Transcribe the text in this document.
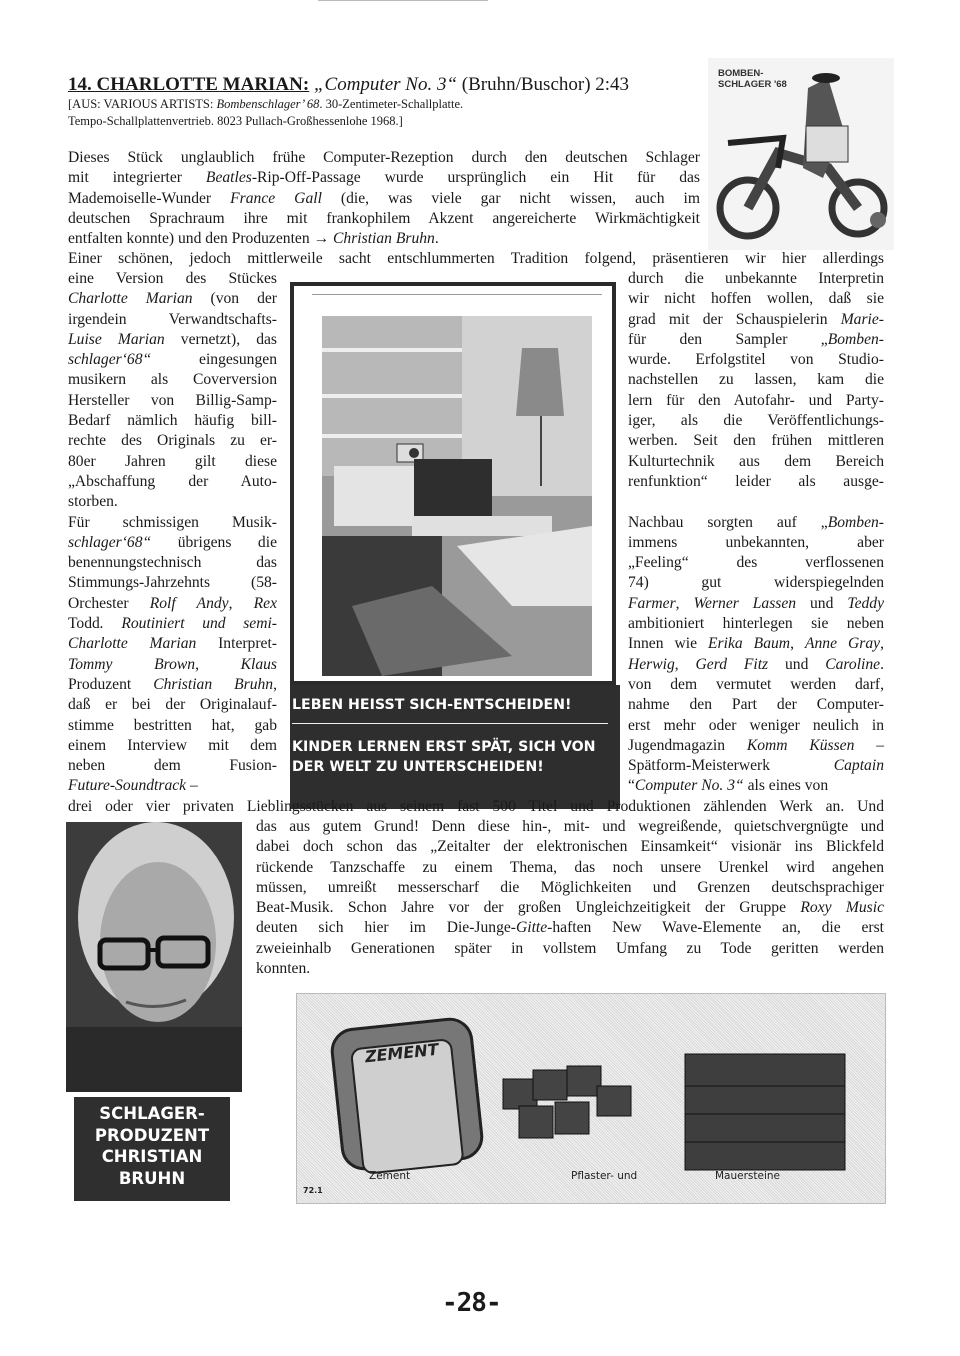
14. CHARLOTTE MARIAN: „Computer No. 3“ (Bruhn/Buschor) 2:43
[AUS: VARIOUS ARTISTS: Bombenschlager’ 68. 30-Zentimeter-Schallplatte.
Tempo-Schallplattenvertrieb. 8023 Pullach-Großhessenlohe 1968.]
BOMBEN-
SCHLAGER '68
Dieses Stück unglaublich frühe Computer-Rezeption durch den deutschen Schlager
mit integrierter Beatles-Rip-Off-Passage wurde ursprünglich ein Hit für das
Mademoiselle-Wunder France Gall (die, was viele gar nicht wissen, auch im
deutschen Sprachraum ihre mit frankophilem Akzent angereicherte Wirkmächtigkeit
entfalten konnte) und den Produzenten → Christian Bruhn.
Einer schönen, jedoch mittlerweile sacht entschlummerten Tradition folgend, präsentieren wir hier allerdings
eine Version des Stückes
Charlotte Marian (von der
irgendein Verwandtschafts-
Luise Marian vernetzt), das
schlager‘68“ eingesungen
musikern als Coverversion
Hersteller von Billig-Samp-
Bedarf nämlich häufig bill-
rechte des Originals zu er-
80er Jahren gilt diese
„Abschaffung der Auto-
storben.
Für schmissigen Musik-
schlager‘68“ übrigens die
benennungstechnisch das
Stimmungs-Jahrzehnts (58-
Orchester Rolf Andy, Rex
Todd. Routiniert und semi-
Charlotte Marian Interpret-
Tommy Brown, Klaus
Produzent Christian Bruhn,
daß er bei der Originalauf-
stimme bestritten hat, gab
einem Interview mit dem
neben dem Fusion-
Future-Soundtrack –
durch die unbekannte Interpretin
wir nicht hoffen wollen, daß sie
grad mit der Schauspielerin Marie-
für den Sampler „Bomben-
wurde. Erfolgstitel von Studio-
nachstellen zu lassen, kam die
lern für den Autofahr- und Party-
iger, als die Veröffentlichungs-
werben. Seit den frühen mittleren
Kulturtechnik aus dem Bereich
renfunktion“ leider als ausge-

Nachbau sorgten auf „Bomben-
immens unbekannten, aber
„Feeling“ des verflossenen
74) gut widerspiegelnden
Farmer, Werner Lassen und Teddy
ambitioniert hinterlegen sie neben
Innen wie Erika Baum, Anne Gray,
Herwig, Gerd Fitz und Caroline.
von dem vermutet werden darf,
nahme den Part der Computer-
erst mehr oder weniger neulich in
Jugendmagazin Komm Küssen –
Spätform-Meisterwerk Captain
“Computer No. 3“ als eines von
LEBEN HEISST SICH-ENTSCHEIDEN!
KINDER LERNEN ERST SPÄT, SICH VON
DER WELT ZU UNTERSCHEIDEN!
drei oder vier privaten Lieblingsstücken aus seinem fast 500 Titel und Produktionen zählenden Werk an. Und
SCHLAGER-
PRODUZENT
CHRISTIAN
BRUHN
das aus gutem Grund! Denn diese hin-, mit- und wegreißende, quietschvergnügte und
dabei doch schon das „Zeitalter der elektronischen Einsamkeit“ visionär ins Blickfeld
rückende Tanzschaffe zu einem Thema, das noch unsere Urenkel wird angehen
müssen, umreißt messerscharf die Möglichkeiten und Grenzen deutschsprachiger
Beat-Musik. Schon Jahre vor der großen Ungleichzeitigkeit der Gruppe Roxy Music
deuten sich hier im Die-Junge-Gitte-haften New Wave-Elemente an, die erst
zweieinhalb Generationen später in vollstem Umfang zu Tode geritten werden
konnten.
ZEMENT
Zement	Pflaster- und	Mauersteine
72.1
-28-
